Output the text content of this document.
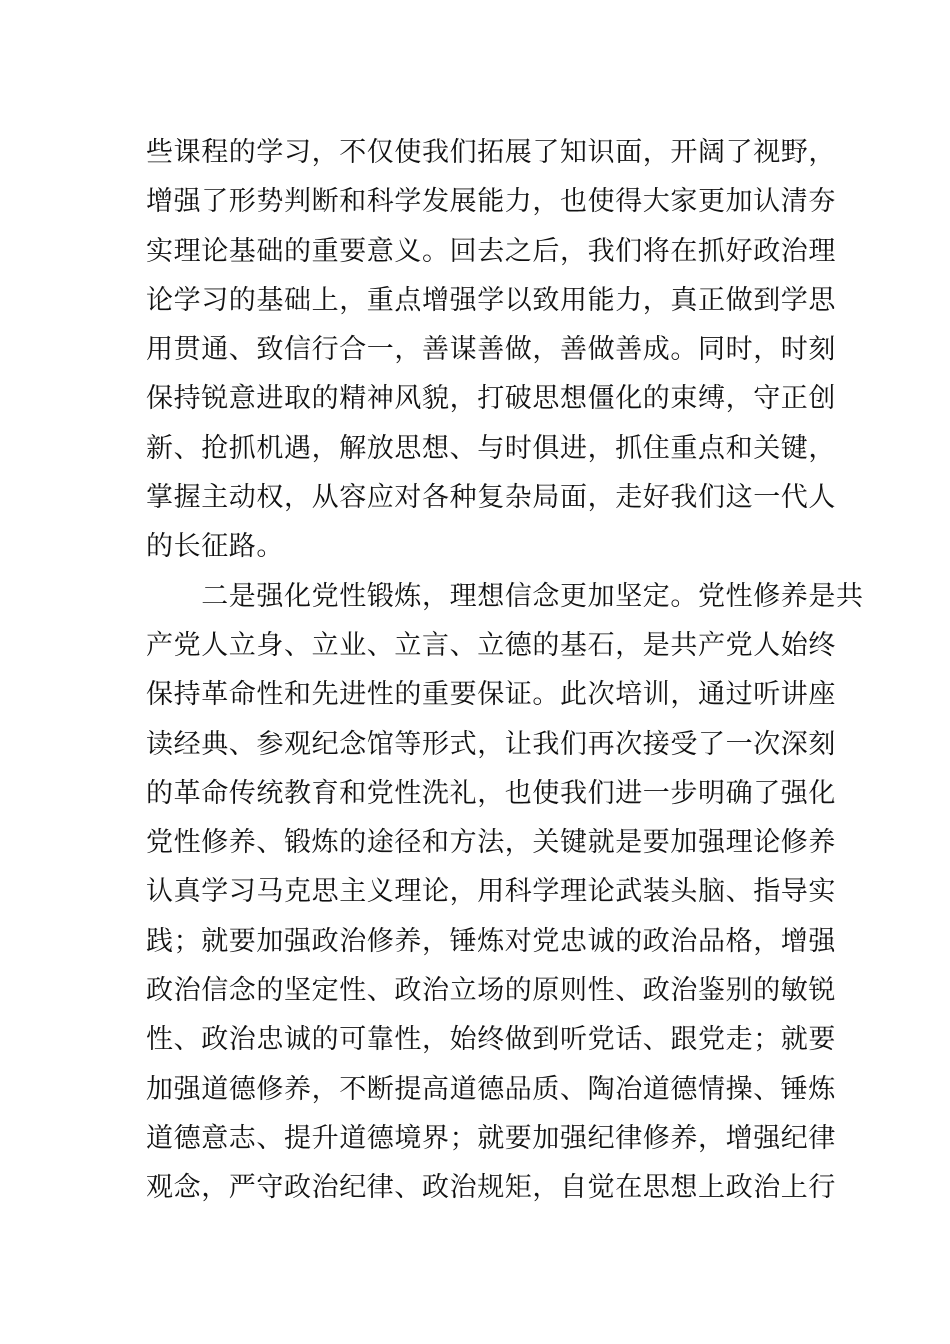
些课程的学习，不仅使我们拓展了知识面，开阔了视野，
增强了形势判断和科学发展能力，也使得大家更加认清夯
实理论基础的重要意义。回去之后，我们将在抓好政治理
论学习的基础上，重点增强学以致用能力，真正做到学思
用贯通、致信行合一，善谋善做，善做善成。同时，时刻
保持锐意进取的精神风貌，打破思想僵化的束缚，守正创
新、抢抓机遇，解放思想、与时俱进，抓住重点和关键，
掌握主动权，从容应对各种复杂局面，走好我们这一代人
的长征路。
　　二是强化党性锻炼，理想信念更加坚定。党性修养是共
产党人立身、立业、立言、立德的基石，是共产党人始终
保持革命性和先进性的重要保证。此次培训，通过听讲座
读经典、参观纪念馆等形式，让我们再次接受了一次深刻
的革命传统教育和党性洗礼，也使我们进一步明确了强化
党性修养、锻炼的途径和方法，关键就是要加强理论修养
认真学习马克思主义理论，用科学理论武装头脑、指导实
践；就要加强政治修养，锤炼对党忠诚的政治品格，增强
政治信念的坚定性、政治立场的原则性、政治鉴别的敏锐
性、政治忠诚的可靠性，始终做到听党话、跟党走；就要
加强道德修养，不断提高道德品质、陶冶道德情操、锤炼
道德意志、提升道德境界；就要加强纪律修养，增强纪律
观念，严守政治纪律、政治规矩，自觉在思想上政治上行
